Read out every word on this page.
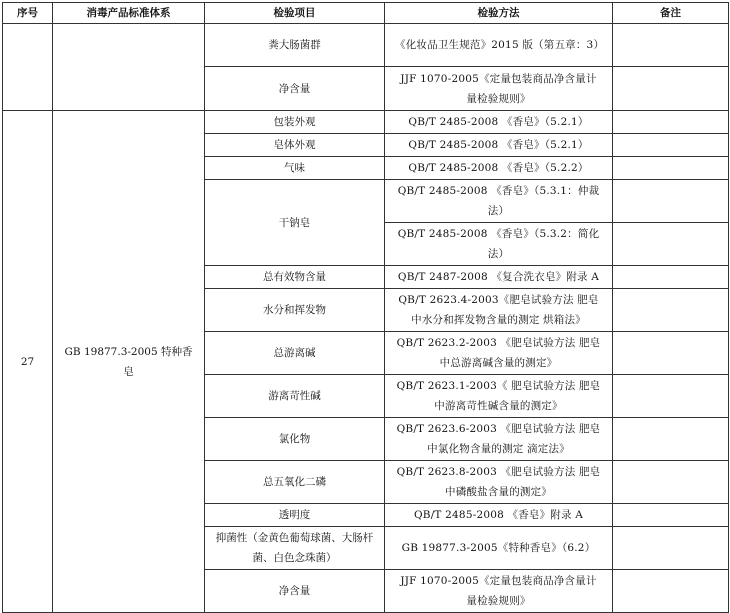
序号	消毒产品标准体系	检验项目	检验方法	备注
		粪大肠菌群	《化妆品卫生规范》2015 版（第五章：3）	
		净含量	JJF 1070-2005《定量包装商品净含量计量检验规则》	
27	GB 19877.3-2005 特种香皂	包装外观	QB/T 2485-2008 《香皂》（5.2.1）	
		皂体外观	QB/T 2485-2008 《香皂》（5.2.1）	
		气味	QB/T 2485-2008 《香皂》（5.2.2）	
		干钠皂	QB/T 2485-2008 《香皂》（5.3.1：仲裁法）	
			QB/T 2485-2008 《香皂》（5.3.2：简化法）	
		总有效物含量	QB/T 2487-2008 《复合洗衣皂》附录 A	
		水分和挥发物	QB/T 2623.4-2003《肥皂试验方法 肥皂中水分和挥发物含量的测定 烘箱法》	
		总游离碱	QB/T 2623.2-2003 《肥皂试验方法 肥皂中总游离碱含量的测定》	
		游离苛性碱	QB/T 2623.1-2003《 肥皂试验方法 肥皂中游离苛性碱含量的测定》	
		氯化物	QB/T 2623.6-2003 《肥皂试验方法 肥皂中氯化物含量的测定 滴定法》	
		总五氧化二磷	QB/T 2623.8-2003 《肥皂试验方法 肥皂中磷酸盐含量的测定》	
		透明度	QB/T 2485-2008 《香皂》附录 A	
		抑菌性（金黄色葡萄球菌、大肠杆菌、白色念珠菌）	GB 19877.3-2005《特种香皂》（6.2）	
		净含量	JJF 1070-2005《定量包装商品净含量计量检验规则》	
